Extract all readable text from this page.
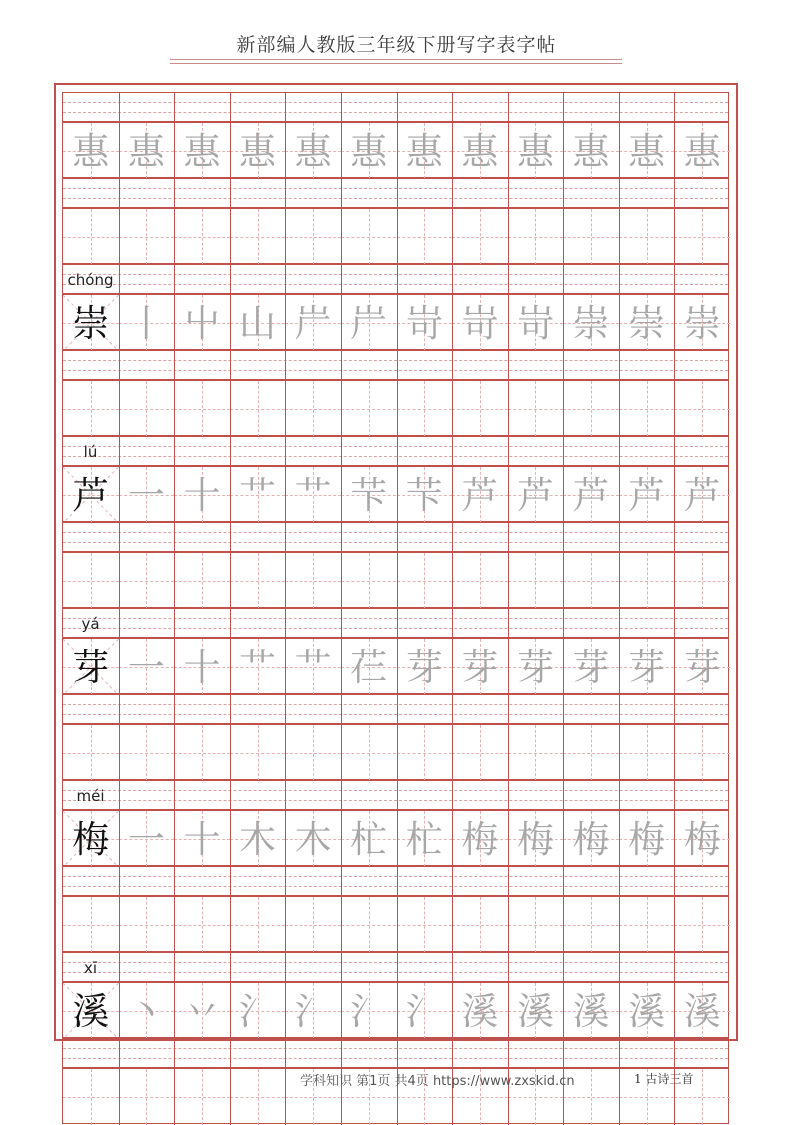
新部编人教版三年级下册写字表字帖
惠 惠 惠 惠 惠 惠 惠 惠 惠 惠 惠 惠
chóng
崇 丨 屮 山 屵 屵 岢 岢 岢 崇 崇 崇
lú
芦 一 十 艹 艹 芐 芐 芦 芦 芦 芦 芦
yá
芽 一 十 艹 艹 芢 芽 芽 芽 芽 芽 芽
méi
梅 一 十 木 木 杧 杧 梅 梅 梅 梅 梅
xī
溪 丶 丷 氵 氵 氵 氵 溪 溪 溪 溪 溪
学科知识 第1页 共4页 https://www.zxskid.cn	1 古诗三首
